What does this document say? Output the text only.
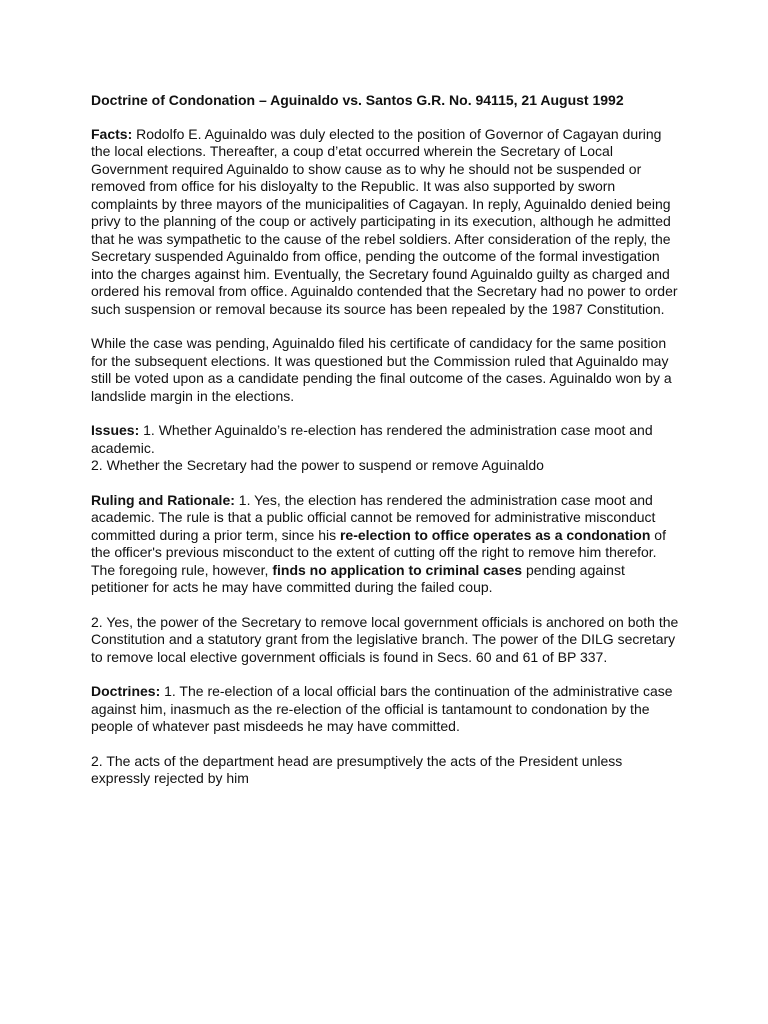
Doctrine of Condonation – Aguinaldo vs. Santos G.R. No. 94115, 21 August 1992

Facts: Rodolfo E. Aguinaldo was duly elected to the position of Governor of Cagayan during the local elections. Thereafter, a coup d’etat occurred wherein the Secretary of Local Government required Aguinaldo to show cause as to why he should not be suspended or removed from office for his disloyalty to the Republic. It was also supported by sworn complaints by three mayors of the municipalities of Cagayan. In reply, Aguinaldo denied being privy to the planning of the coup or actively participating in its execution, although he admitted that he was sympathetic to the cause of the rebel soldiers. After consideration of the reply, the Secretary suspended Aguinaldo from office, pending the outcome of the formal investigation into the charges against him. Eventually, the Secretary found Aguinaldo guilty as charged and ordered his removal from office. Aguinaldo contended that the Secretary had no power to order such suspension or removal because its source has been repealed by the 1987 Constitution.

While the case was pending, Aguinaldo filed his certificate of candidacy for the same position for the subsequent elections. It was questioned but the Commission ruled that Aguinaldo may still be voted upon as a candidate pending the final outcome of the cases. Aguinaldo won by a landslide margin in the elections.

Issues: 1. Whether Aguinaldo’s re-election has rendered the administration case moot and academic.
2. Whether the Secretary had the power to suspend or remove Aguinaldo

Ruling and Rationale: 1. Yes, the election has rendered the administration case moot and academic. The rule is that a public official cannot be removed for administrative misconduct committed during a prior term, since his re-election to office operates as a condonation of the officer's previous misconduct to the extent of cutting off the right to remove him therefor. The foregoing rule, however, finds no application to criminal cases pending against petitioner for acts he may have committed during the failed coup.

2. Yes, the power of the Secretary to remove local government officials is anchored on both the Constitution and a statutory grant from the legislative branch. The power of the DILG secretary to remove local elective government officials is found in Secs. 60 and 61 of BP 337.

Doctrines: 1. The re-election of a local official bars the continuation of the administrative case against him, inasmuch as the re-election of the official is tantamount to condonation by the people of whatever past misdeeds he may have committed.

2. The acts of the department head are presumptively the acts of the President unless expressly rejected by him
